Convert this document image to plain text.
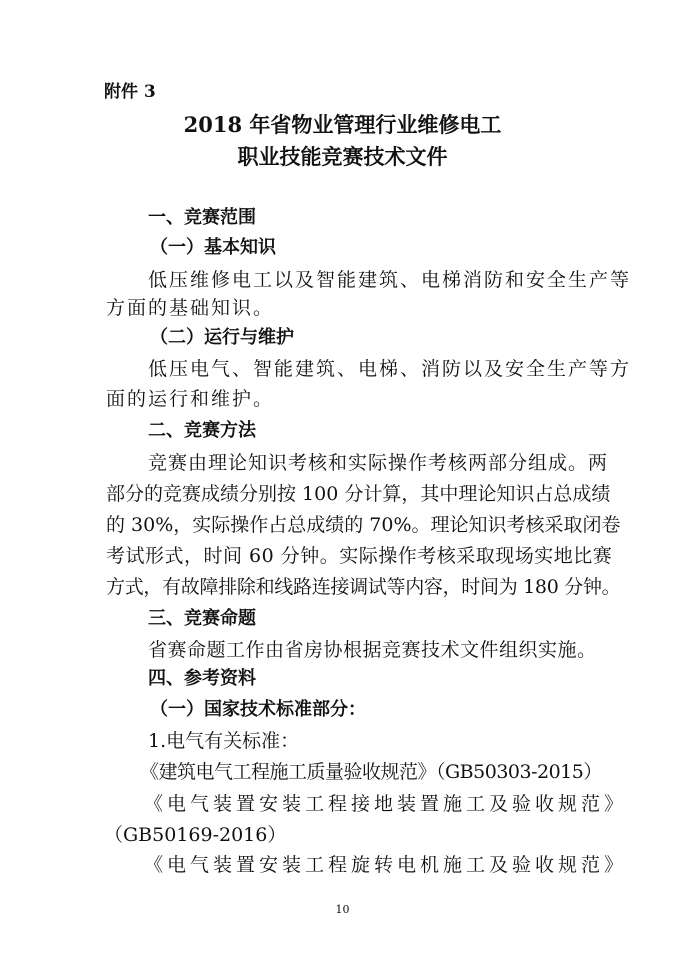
附件 3
2018 年省物业管理行业维修电工
职业技能竞赛技术文件
一、竞赛范围
（一）基本知识
低压维修电工以及智能建筑、电梯消防和安全生产等
方面的基础知识。
（二）运行与维护
低压电气、智能建筑、电梯、消防以及安全生产等方
面的运行和维护。
二、竞赛方法
竞赛由理论知识考核和实际操作考核两部分组成。两
部分的竞赛成绩分别按 100 分计算，其中理论知识占总成绩
的 30%，实际操作占总成绩的 70%。理论知识考核采取闭卷
考试形式，时间 60 分钟。实际操作考核采取现场实地比赛
方式，有故障排除和线路连接调试等内容，时间为 180 分钟。
三、竞赛命题
省赛命题工作由省房协根据竞赛技术文件组织实施。
四、参考资料
（一）国家技术标准部分：
1.电气有关标准：
《建筑电气工程施工质量验收规范》（GB50303-2015）
《电气装置安装工程接地装置施工及验收规范》
（GB50169-2016）
《电气装置安装工程旋转电机施工及验收规范》
10
